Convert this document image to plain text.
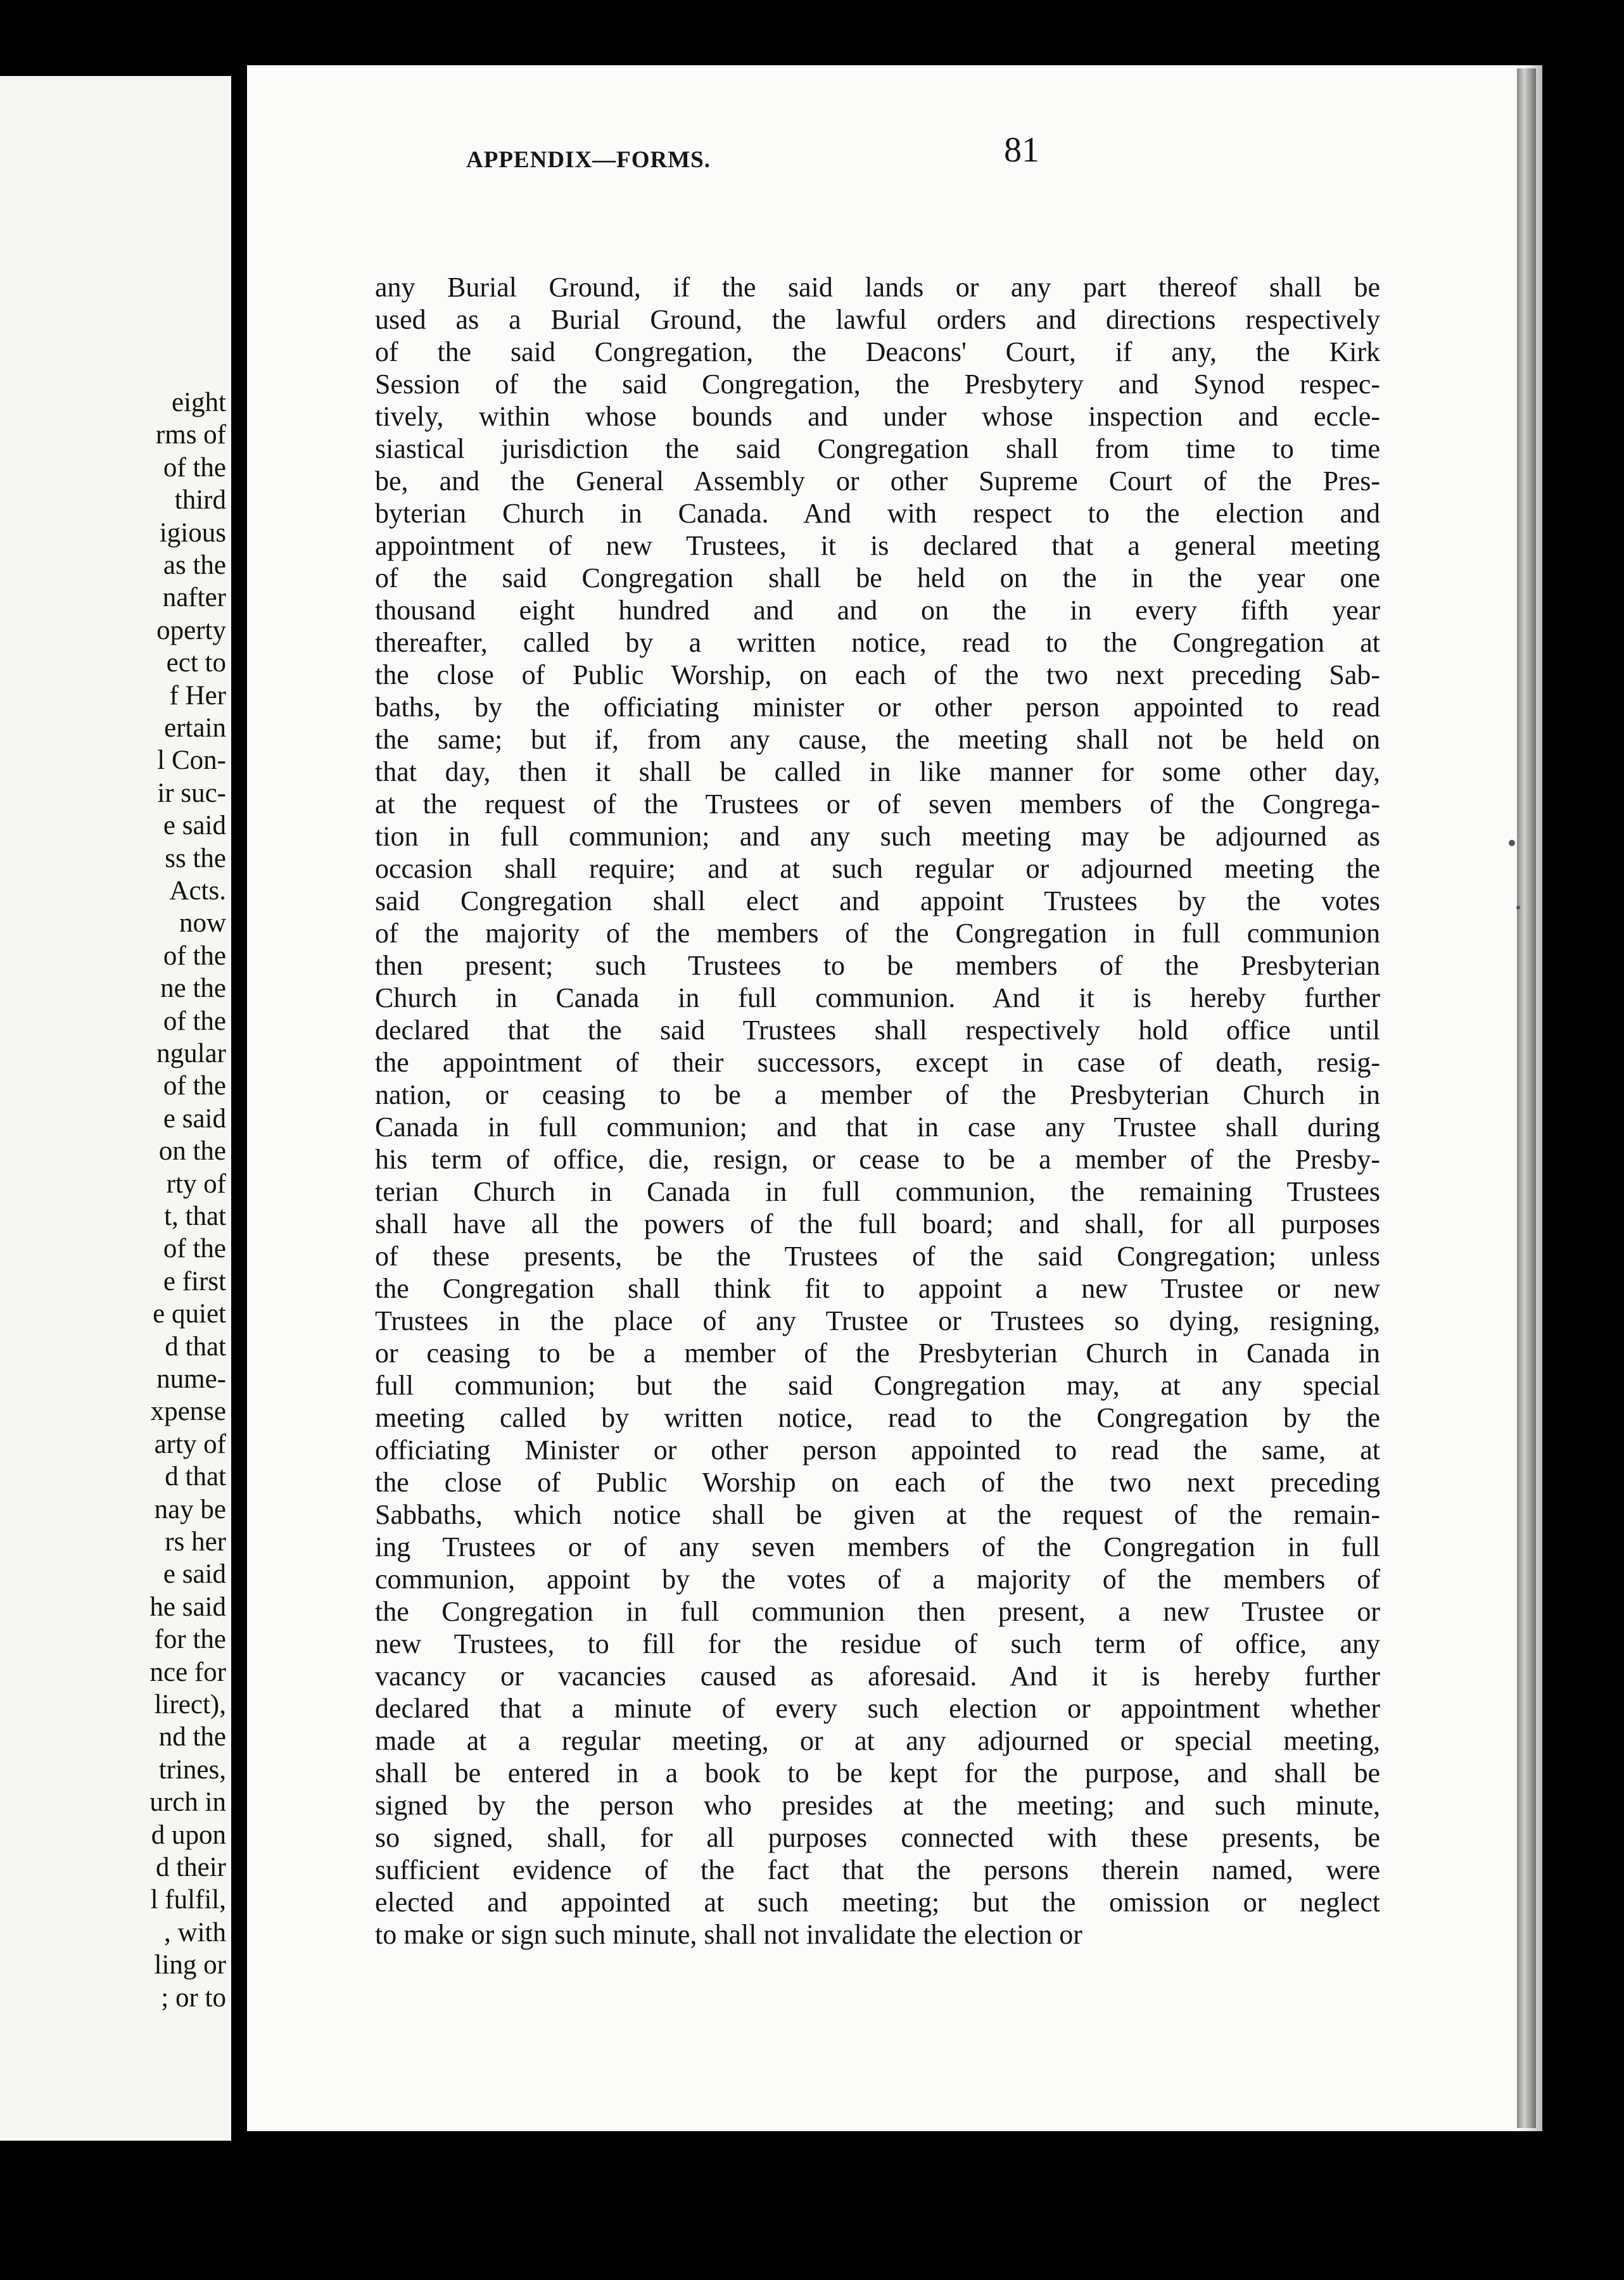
eight
rms of
of the
third
igious
as the
nafter
operty
ect to
f Her
ertain
l Con-
ir suc-
e said
ss the
Acts.
now
of the
ne the
of the
ngular
of the
e said
on the
rty of
t, that
of the
e first
e quiet
d that
nume-
xpense
arty of
d that
nay be
rs her
e said
he said
for the
nce for
lirect),
nd the
trines,
urch in
d upon
d their
l fulfil,
, with
ling or
; or to
APPENDIX—FORMS.	81
any Burial Ground, if the said lands or any part thereof shall be
used as a Burial Ground, the lawful orders and directions respectively
of the said Congregation, the Deacons' Court, if any, the Kirk
Session of the said Congregation, the Presbytery and Synod respec-
tively, within whose bounds and under whose inspection and eccle-
siastical jurisdiction the said Congregation shall from time to time
be, and the General Assembly or other Supreme Court of the Pres-
byterian Church in Canada. And with respect to the election and
appointment of new Trustees, it is declared that a general meeting
of the said Congregation shall be held on the in the year one
thousand eight hundred and and on the in every fifth year
thereafter, called by a written notice, read to the Congregation at
the close of Public Worship, on each of the two next preceding Sab-
baths, by the officiating minister or other person appointed to read
the same; but if, from any cause, the meeting shall not be held on
that day, then it shall be called in like manner for some other day,
at the request of the Trustees or of seven members of the Congrega-
tion in full communion; and any such meeting may be adjourned as
occasion shall require; and at such regular or adjourned meeting the
said Congregation shall elect and appoint Trustees by the votes
of the majority of the members of the Congregation in full communion
then present; such Trustees to be members of the Presbyterian
Church in Canada in full communion. And it is hereby further
declared that the said Trustees shall respectively hold office until
the appointment of their successors, except in case of death, resig-
nation, or ceasing to be a member of the Presbyterian Church in
Canada in full communion; and that in case any Trustee shall during
his term of office, die, resign, or cease to be a member of the Presby-
terian Church in Canada in full communion, the remaining Trustees
shall have all the powers of the full board; and shall, for all purposes
of these presents, be the Trustees of the said Congregation; unless
the Congregation shall think fit to appoint a new Trustee or new
Trustees in the place of any Trustee or Trustees so dying, resigning,
or ceasing to be a member of the Presbyterian Church in Canada in
full communion; but the said Congregation may, at any special
meeting called by written notice, read to the Congregation by the
officiating Minister or other person appointed to read the same, at
the close of Public Worship on each of the two next preceding
Sabbaths, which notice shall be given at the request of the remain-
ing Trustees or of any seven members of the Congregation in full
communion, appoint by the votes of a majority of the members of
the Congregation in full communion then present, a new Trustee or
new Trustees, to fill for the residue of such term of office, any
vacancy or vacancies caused as aforesaid. And it is hereby further
declared that a minute of every such election or appointment whether
made at a regular meeting, or at any adjourned or special meeting,
shall be entered in a book to be kept for the purpose, and shall be
signed by the person who presides at the meeting; and such minute,
so signed, shall, for all purposes connected with these presents, be
sufficient evidence of the fact that the persons therein named, were
elected and appointed at such meeting; but the omission or neglect
to make or sign such minute, shall not invalidate the election or
